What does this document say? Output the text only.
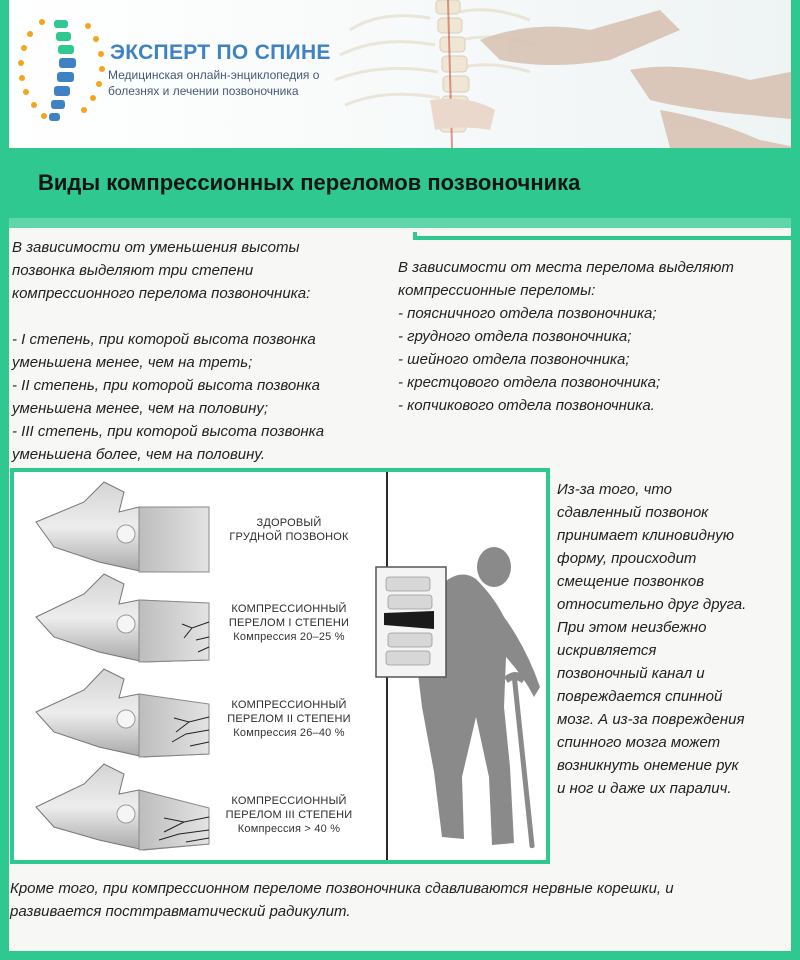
ЭКСПЕРТ ПО СПИНЕ
Медицинская онлайн-энциклопедия о
болезнях и лечении позвоночника
Виды компрессионных переломов позвоночника
В зависимости от уменьшения высоты
позвонка выделяют три степени
компрессионного перелома позвоночника:
- I степень, при которой высота позвонка
уменьшена менее, чем на треть;
- II степень, при которой высота позвонка
уменьшена менее, чем на половину;
- III степень, при которой высота позвонка
уменьшена более, чем на половину.
В зависимости от места перелома выделяют
компрессионные переломы:
- поясничного отдела позвоночника;
- грудного отдела позвоночника;
- шейного отдела позвоночника;
- крестцового отдела позвоночника;
- копчикового отдела позвоночника.
ЗДОРОВЫЙ
ГРУДНОЙ ПОЗВОНОК
КОМПРЕССИОННЫЙ
ПЕРЕЛОМ I СТЕПЕНИ
Компрессия 20–25 %
КОМПРЕССИОННЫЙ
ПЕРЕЛОМ II СТЕПЕНИ
Компрессия 26–40 %
КОМПРЕССИОННЫЙ
ПЕРЕЛОМ III СТЕПЕНИ
Компрессия > 40 %
Из-за того, что
сдавленный позвонок
принимает клиновидную
форму, происходит
смещение позвонков
относительно друг друга.
При этом неизбежно
искривляется
позвоночный канал и
повреждается спинной
мозг. А из-за повреждения
спинного мозга может
возникнуть онемение рук
и ног и даже их паралич.
Кроме того, при компрессионном переломе позвоночника сдавливаются нервные корешки, и
развивается посттравматический радикулит.
